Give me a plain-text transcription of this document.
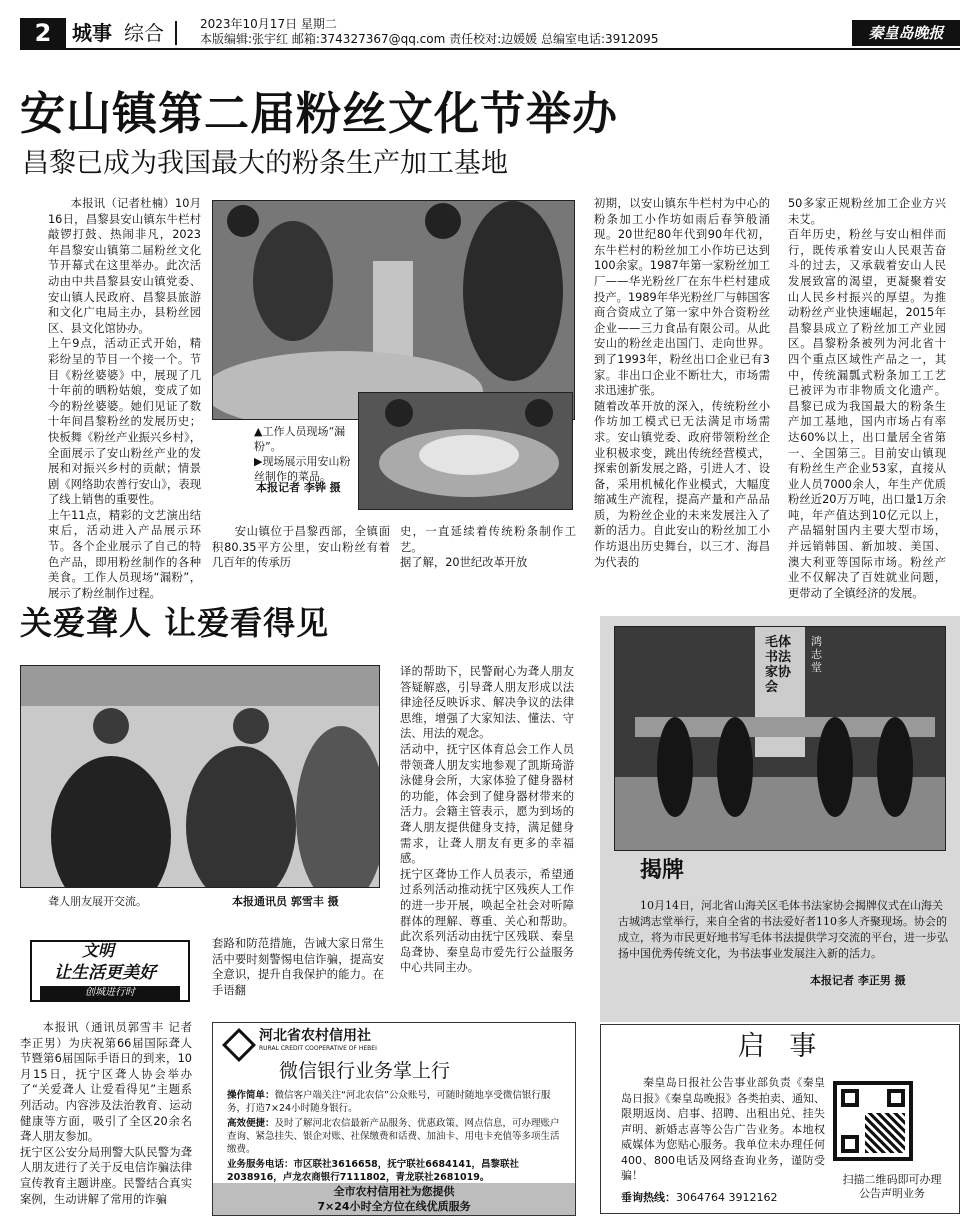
2	城事 综合	2023年10月17日 星期二
本版编辑:张宇红 邮箱:374327367@qq.com 责任校对:边媛媛 总编室电话:3912095	秦皇岛晚报
安山镇第二届粉丝文化节举办
昌黎已成为我国最大的粉条生产加工基地
本报讯（记者杜楠）10月16日，昌黎县安山镇东牛栏村敲锣打鼓、热闹非凡，2023年昌黎安山镇第二届粉丝文化节开幕式在这里举办。此次活动由中共昌黎县安山镇党委、安山镇人民政府、昌黎县旅游和文化广电局主办，县粉丝园区、县文化馆协办。
上午9点，活动正式开始，精彩纷呈的节目一个接一个。节目《粉丝婆婆》中，展现了几十年前的晒粉姑娘，变成了如今的粉丝婆婆。她们见证了数十年间昌黎粉丝的发展历史；快板舞《粉丝产业振兴乡村》，全面展示了安山粉丝产业的发展和对振兴乡村的贡献；情景剧《网络助农善行安山》，表现了线上销售的重要性。
上午11点，精彩的文艺演出结束后，活动进入产品展示环节。各个企业展示了自己的特色产品，即用粉丝制作的各种美食。工作人员现场“漏粉”，展示了粉丝制作过程。
▲工作人员现场“漏粉”。
▶现场展示用安山粉丝制作的菜品。
本报记者 李铧 摄
安山镇位于昌黎西部，全镇面积80.35平方公里，安山粉丝有着几百年的传承历
史，一直延续着传统粉条制作工艺。
据了解，20世纪改革开放
初期，以安山镇东牛栏村为中心的粉条加工小作坊如雨后春笋般涌现。20世纪80年代到90年代初，东牛栏村的粉丝加工小作坊已达到100余家。1987年第一家粉丝加工厂——华光粉丝厂在东牛栏村建成投产。1989年华光粉丝厂与韩国客商合资成立了第一家中外合资粉丝企业——三力食品有限公司。从此安山的粉丝走出国门、走向世界。到了1993年，粉丝出口企业已有3家。非出口企业不断壮大，市场需求迅速扩张。
随着改革开放的深入，传统粉丝小作坊加工模式已无法满足市场需求。安山镇党委、政府带领粉丝企业积极求变，跳出传统经营模式，探索创新发展之路，引进人才、设备，采用机械化作业模式，大幅度缩减生产流程，提高产量和产品品质，为粉丝企业的未来发展注入了新的活力。自此安山的粉丝加工小作坊退出历史舞台，以三才、海昌为代表的
50多家正规粉丝加工企业方兴未艾。
百年历史，粉丝与安山相伴而行，既传承着安山人民艰苦奋斗的过去，又承载着安山人民发展致富的渴望，更凝聚着安山人民乡村振兴的厚望。为推动粉丝产业快速崛起，2015年昌黎县成立了粉丝加工产业园区。昌黎粉条被列为河北省十四个重点区域性产品之一，其中，传统漏瓢式粉条加工工艺已被评为市非物质文化遗产。昌黎已成为我国最大的粉条生产加工基地，国内市场占有率达60%以上，出口量居全省第一、全国第三。目前安山镇现有粉丝生产企业53家，直接从业人员7000余人，年生产优质粉丝近20万万吨，出口量1万余吨，年产值达到10亿元以上，产品辐射国内主要大型市场，并远销韩国、新加坡、美国、澳大利亚等国际市场。粉丝产业不仅解决了百姓就业问题，更带动了全镇经济的发展。
关爱聋人 让爱看得见
聋人朋友展开交流。	本报通讯员 郭雪丰 摄
文明
让生活更美好
创城进行时
套路和防范措施，告诫大家日常生活中要时刻警惕电信诈骗，提高安全意识，提升自我保护的能力。在手语翻
译的帮助下，民警耐心为聋人朋友答疑解惑，引导聋人朋友形成以法律途径反映诉求、解决争议的法律思维，增强了大家知法、懂法、守法、用法的观念。
活动中，抚宁区体育总会工作人员带领聋人朋友实地参观了凯斯琦游泳健身会所，大家体验了健身器材的功能，体会到了健身器材带来的活力。会籍主管表示，愿为到场的聋人朋友提供健身支持，满足健身需求，让聋人朋友有更多的幸福感。
抚宁区聋协工作人员表示，希望通过系列活动推动抚宁区残疾人工作的进一步开展，唤起全社会对听障群体的理解、尊重、关心和帮助。此次系列活动由抚宁区残联、秦皇岛聋协、秦皇岛市爱先行公益服务中心共同主办。
本报讯（通讯员郭雪丰 记者李正男）为庆祝第66届国际聋人节暨第6届国际手语日的到来，10月15日，抚宁区聋人协会举办了“关爱聋人 让爱看得见”主题系列活动。内容涉及法治教育、运动健康等方面，吸引了全区20余名聋人朋友参加。
抚宁区公安分局刑警大队民警为聋人朋友进行了关于反电信诈骗法律宣传教育主题讲座。民警结合真实案例，生动讲解了常用的诈骗
毛体书法家协会
鸿志堂
揭牌
10月14日，河北省山海关区毛体书法家协会揭牌仪式在山海关古城鸿志堂举行，来自全省的书法爱好者110多人齐聚现场。协会的成立，将为市民更好地书写毛体书法提供学习交流的平台，进一步弘扬中国优秀传统文化，为书法事业发展注入新的活力。
本报记者 李正男 摄
河北省农村信用社
RURAL CREDIT COOPERATIVE OF HEBEI
微信银行业务掌上行
操作简单：微信客户端关注“河北农信”公众账号，可随时随地享受微信银行服务，打造7×24小时随身银行。
高效便捷：及时了解河北农信最新产品服务、优惠政策、网点信息，可办理账户查询、紧急挂失、银企对账、社保缴费和话费、加油卡、用电卡充值等多项生活缴费。
业务服务电话：市区联社3616658，抚宁联社6684141，昌黎联社2038916，卢龙农商银行7111802，青龙联社2681019。
全市农村信用社为您提供
7×24小时全方位在线优质服务
启 事
秦皇岛日报社公告事业部负责《秦皇岛日报》《秦皇岛晚报》各类拍卖、通知、限期返岗、启事、招聘、出租出兑、挂失声明、新婚志喜等公告广告业务。本地权威媒体为您贴心服务。我单位未办理任何400、800电话及网络查询业务，谨防受骗！
垂询热线：3064764 3912162
扫描二维码即可办理
公告声明业务
